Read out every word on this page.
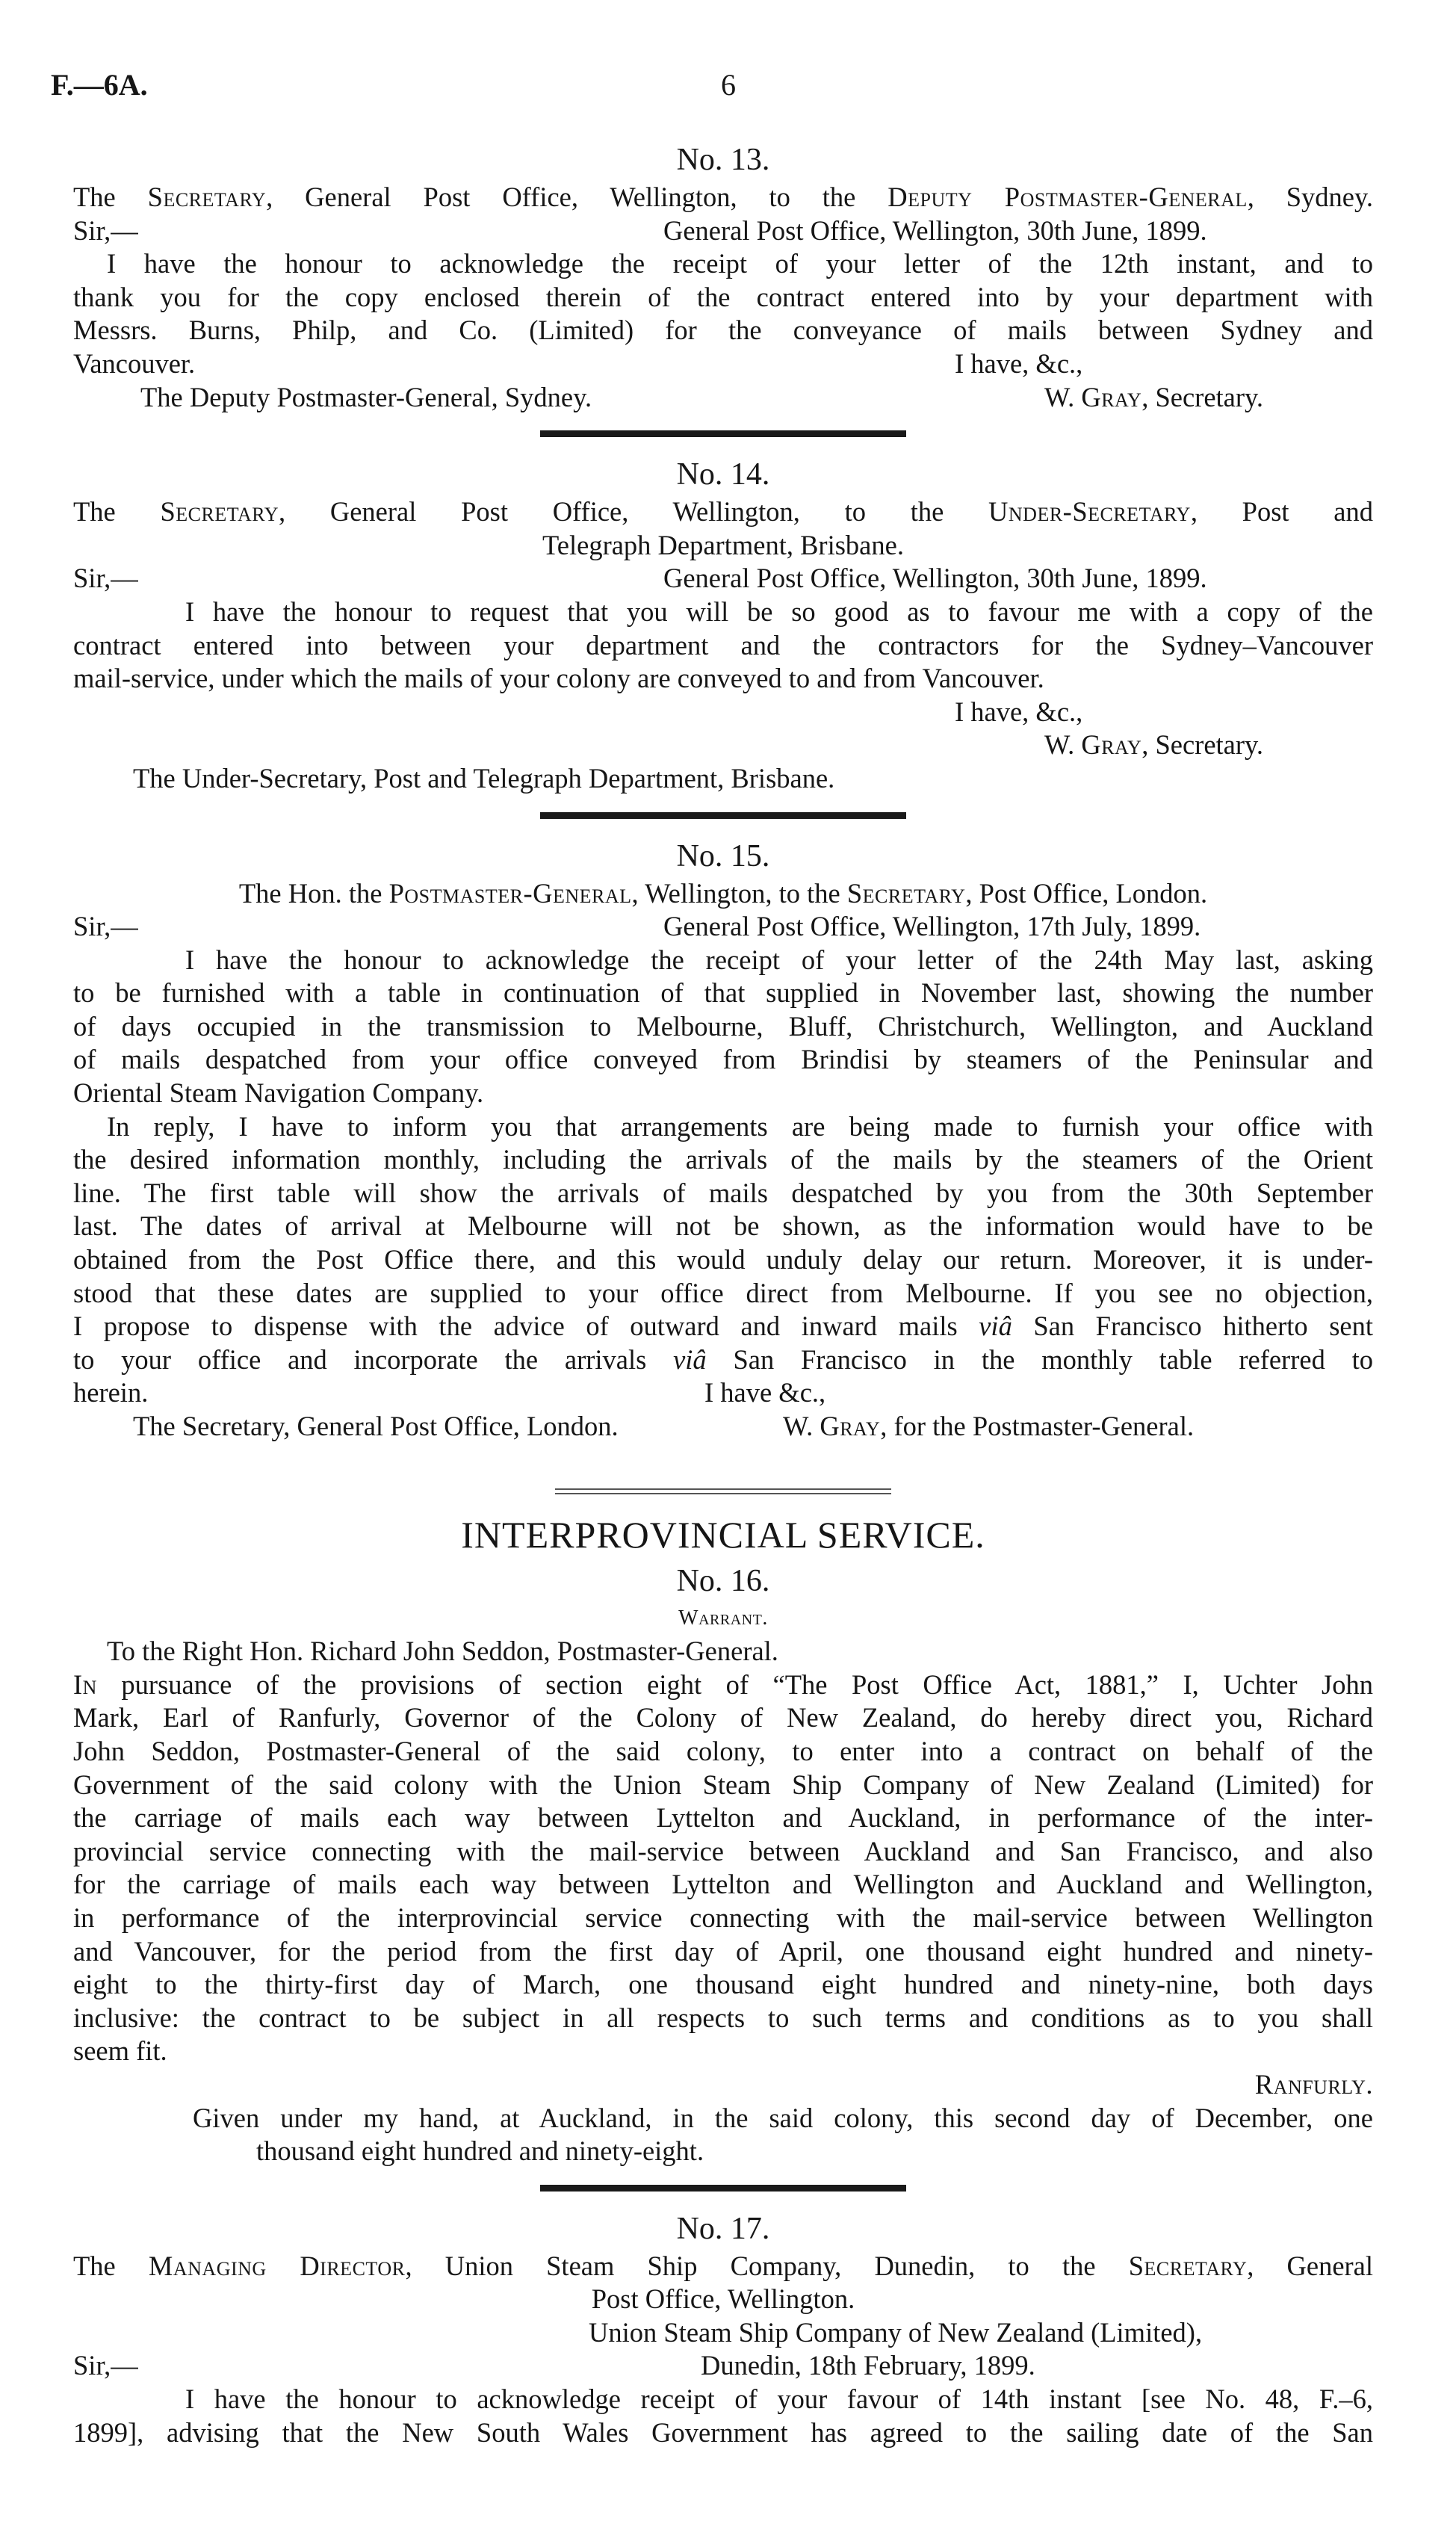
F.—6A.	6

No. 13.

The Secretary, General Post Office, Wellington, to the Deputy Postmaster-General, Sydney.

Sir,—	General Post Office, Wellington, 30th June, 1899.

I have the honour to acknowledge the receipt of your letter of the 12th instant, and to

thank you for the copy enclosed therein of the contract entered into by your department with

Messrs. Burns, Philp, and Co. (Limited) for the conveyance of mails between Sydney and

Vancouver.	I have, &c.,
The Deputy Postmaster-General, Sydney.	W. Gray, Secretary.

No. 14.

The Secretary, General Post Office, Wellington, to the Under-Secretary, Post and

Telegraph Department, Brisbane.

Sir,—	General Post Office, Wellington, 30th June, 1899.

I have the honour to request that you will be so good as to favour me with a copy of the

contract entered into between your department and the contractors for the Sydney–Vancouver

mail-service, under which the mails of your colony are conveyed to and from Vancouver.

I have, &c.,
W. Gray, Secretary.
The Under-Secretary, Post and Telegraph Department, Brisbane.

No. 15.

The Hon. the Postmaster-General, Wellington, to the Secretary, Post Office, London.

Sir,—	General Post Office, Wellington, 17th July, 1899.

I have the honour to acknowledge the receipt of your letter of the 24th May last, asking

to be furnished with a table in continuation of that supplied in November last, showing the number

of days occupied in the transmission to Melbourne, Bluff, Christchurch, Wellington, and Auckland

of mails despatched from your office conveyed from Brindisi by steamers of the Peninsular and

Oriental Steam Navigation Company.

In reply, I have to inform you that arrangements are being made to furnish your office with

the desired information monthly, including the arrivals of the mails by the steamers of the Orient

line. The first table will show the arrivals of mails despatched by you from the 30th September

last. The dates of arrival at Melbourne will not be shown, as the information would have to be

obtained from the Post Office there, and this would unduly delay our return. Moreover, it is under-

stood that these dates are supplied to your office direct from Melbourne. If you see no objection,

I propose to dispense with the advice of outward and inward mails viâ San Francisco hitherto sent

to your office and incorporate the arrivals viâ San Francisco in the monthly table referred to

herein.	I have &c.,
The Secretary, General Post Office, London.	W. Gray, for the Postmaster-General.

INTERPROVINCIAL SERVICE.

No. 16.

Warrant.

To the Right Hon. Richard John Seddon, Postmaster-General.

In pursuance of the provisions of section eight of “The Post Office Act, 1881,” I, Uchter John

Mark, Earl of Ranfurly, Governor of the Colony of New Zealand, do hereby direct you, Richard

John Seddon, Postmaster-General of the said colony, to enter into a contract on behalf of the

Government of the said colony with the Union Steam Ship Company of New Zealand (Limited) for

the carriage of mails each way between Lyttelton and Auckland, in performance of the inter-

provincial service connecting with the mail-service between Auckland and San Francisco, and also

for the carriage of mails each way between Lyttelton and Wellington and Auckland and Wellington,

in performance of the interprovincial service connecting with the mail-service between Wellington

and Vancouver, for the period from the first day of April, one thousand eight hundred and ninety-

eight to the thirty-first day of March, one thousand eight hundred and ninety-nine, both days

inclusive: the contract to be subject in all respects to such terms and conditions as to you shall

seem fit.

Ranfurly.

Given under my hand, at Auckland, in the said colony, this second day of December, one

thousand eight hundred and ninety-eight.

No. 17.

The Managing Director, Union Steam Ship Company, Dunedin, to the Secretary, General

Post Office, Wellington.

Union Steam Ship Company of New Zealand (Limited),
Sir,—	Dunedin, 18th February, 1899.

I have the honour to acknowledge receipt of your favour of 14th instant [see No. 48, F.–6,

1899], advising that the New South Wales Government has agreed to the sailing date of the San
